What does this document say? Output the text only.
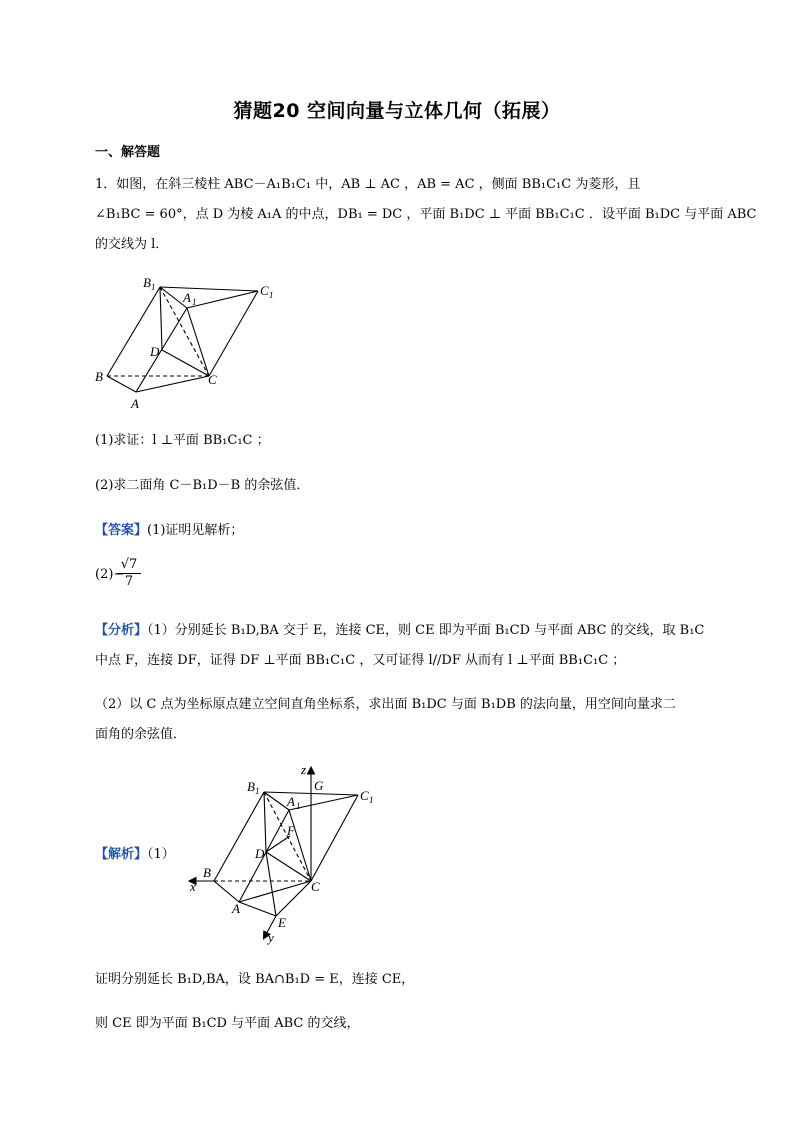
猜题20 空间向量与立体几何（拓展）
一、解答题
1．如图，在斜三棱柱 ABC－A₁B₁C₁ 中，AB ⊥ AC ，AB = AC ，侧面 BB₁C₁C 为菱形，且
∠B₁BC = 60°，点 D 为棱 A₁A 的中点，DB₁ = DC ，平面 B₁DC ⊥ 平面 BB₁C₁C ．设平面 B₁DC 与平面 ABC
的交线为 l．
B 1
A 1
C 1
D
B	C
A
(1)求证：l ⊥平面 BB₁C₁C ；
(2)求二面角 C－B₁D－B 的余弦值．
【答案】(1)证明见解析；
(2)−
$\frac{√7}{7}$
【分析】（1）分别延长 B₁D,BA 交于 E，连接 CE，则 CE 即为平面 B₁CD 与平面 ABC 的交线，取 B₁C
中点 F，连接 DF，证得 DF ⊥平面 BB₁C₁C ，又可证得 l//DF 从而有 l ⊥平面 BB₁C₁C ；
（2）以 C 点为坐标原点建立空间直角坐标系，求出面 B₁DC 与面 B₁DB 的法向量，用空间向量求二
面角的余弦值．
【解析】（1）
z
G
B 1
A 1
C 1
F
D
B
x	C
A
E
y
证明分别延长 B₁D,BA，设 BA∩B₁D = E，连接 CE，
则 CE 即为平面 B₁CD 与平面 ABC 的交线，
